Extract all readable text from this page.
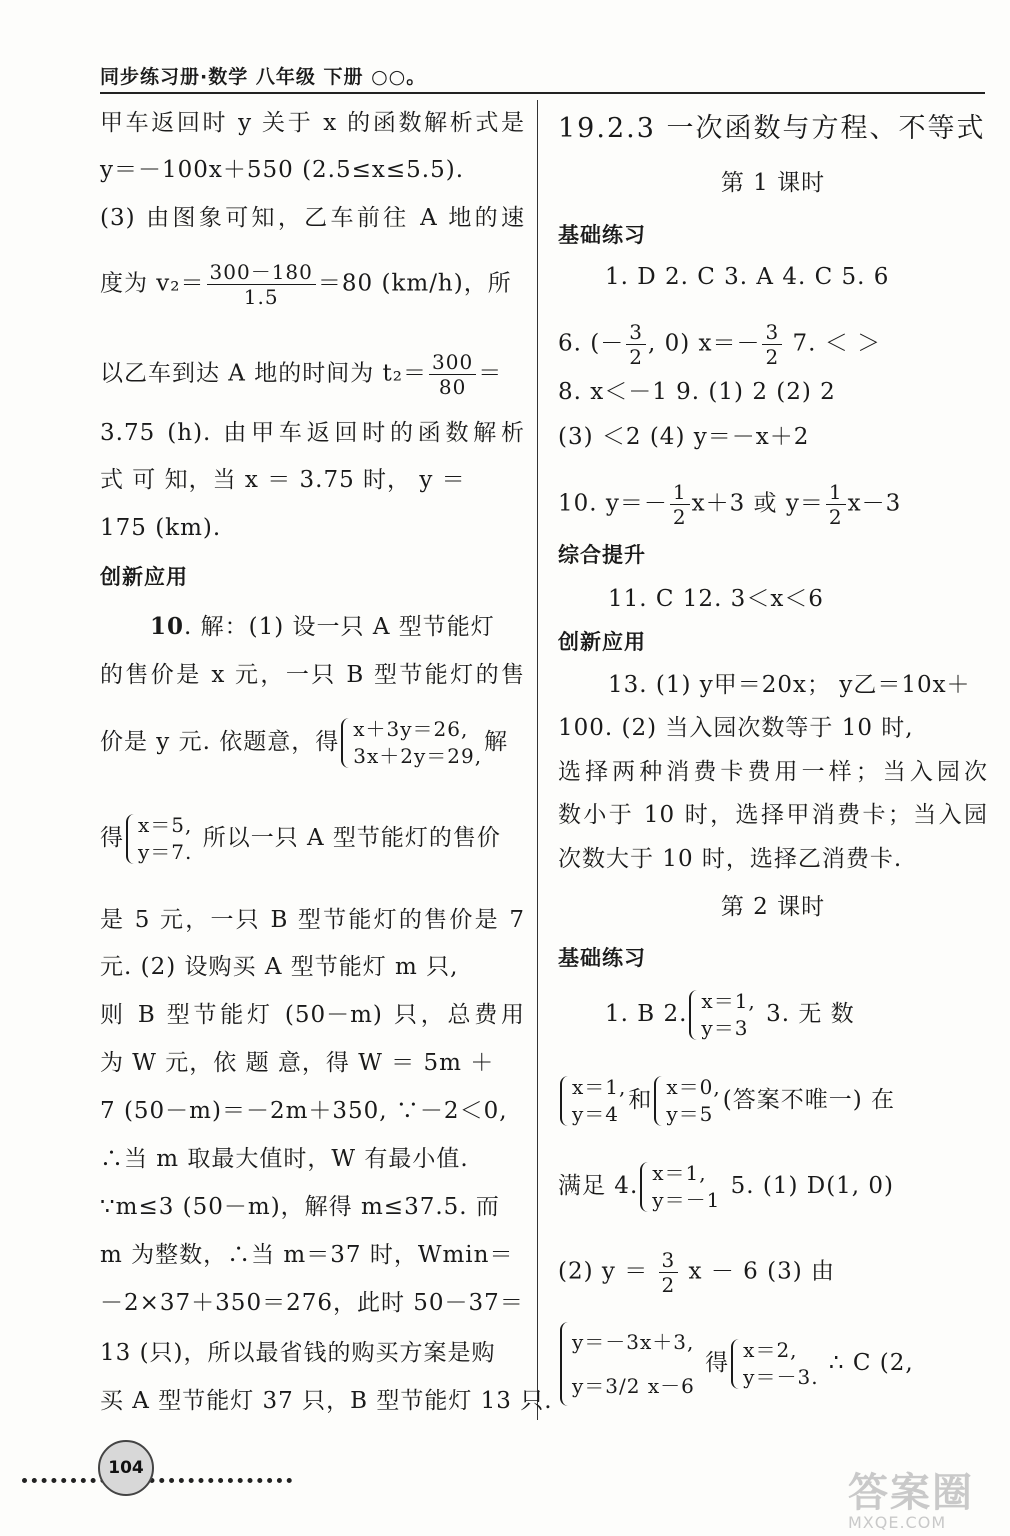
同步练习册·数学 八年级 下册 ○○。
甲车返回时 y 关于 x 的函数解析式是
y＝－100x＋550 (2.5≤x≤5.5).
(3) 由图象可知，乙车前往 A 地的速
度为 $v_2= \frac{300-180}{1.5} =80$ (km/h)，所
以乙车到达 A 地的时间为 $t_2= \frac{300}{80}$ ＝
3.75 (h). 由甲车返回时的函数解析
式 可 知，当 x ＝ 3.75 时， y ＝
175 (km).
创新应用
10. 解：(1) 设一只 A 型节能灯
的售价是 x 元，一只 B 型节能灯的售
价是 y 元. 依题意，得 x＋3y＝26,
3x＋2y＝29,
解
得 x＝5,
y＝7.
所以一只 A 型节能灯的售价
是 5 元，一只 B 型节能灯的售价是 7
元. (2) 设购买 A 型节能灯 m 只,
则 B 型节能灯 (50－m) 只，总费用
为 W 元，依 题 意，得 W ＝ 5m ＋
7 (50－m)＝－2m＋350, ∵－2＜0,
∴当 m 取最大值时，W 有最小值.
∵m≤3 (50－m)，解得 m≤37.5. 而
m 为整数，∴当 m＝37 时，Wmin＝
－2×37＋350＝276，此时 50－37＝
13 (只)，所以最省钱的购买方案是购
买 A 型节能灯 37 只，B 型节能灯 13 只.
19.2.3 一次函数与方程、不等式
第 1 课时
基础练习
1. D 2. C 3. A 4. C 5. 6
6. (－ $\frac{3}{2}$ , 0) $x=- \frac{3}{2} 7$. ＜ ＞
8. x＜－1 9. (1) 2 (2) 2
(3) ＜2 (4) y＝－x＋2
10. $y=- \frac{1}{2} x+3$ 或 $y= \frac{1}{2} x-3$
综合提升
11. C 12. 3＜x＜6
创新应用
13. (1) y甲＝20x； y乙＝10x＋
100. (2) 当入园次数等于 10 时,
选择两种消费卡费用一样；当入园次
数小于 10 时，选择甲消费卡；当入园
次数大于 10 时，选择乙消费卡.
第 2 课时
基础练习
1. B 2. x＝1,
y＝3
3. 无 数
x＝1,
y＝4
和 x＝0,
y＝5
(答案不唯一) 在
满足 4. x＝1,
y＝－1
5. (1) D(1, 0)
(2) $y = \frac{3}{2}$ x － 6 (3) 由
y＝－3x＋3,
y＝3/2 x－6
得 x＝2,
y＝－3.
∴ C (2,
104
答案圈
MXQE.COM
